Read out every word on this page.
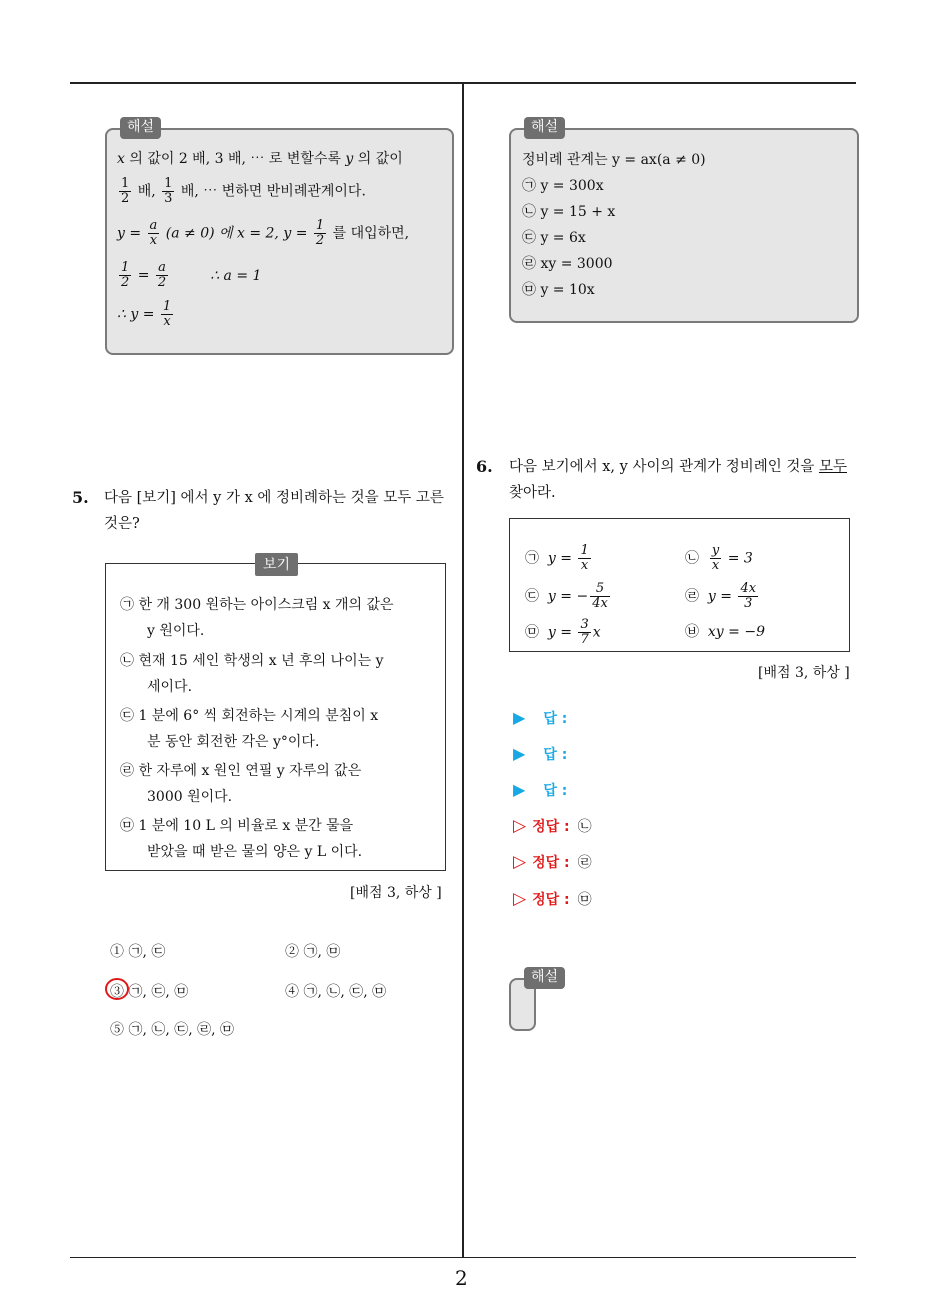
2
해설
x 의 값이 2 배, 3 배, ⋯ 로 변할수록 y 의 값이
$\frac{1}{2}$ 배, $\frac{1}{3}$ 배, ⋯ 변하면 반비례관계이다.
$y = \frac{a}{x} (a \ne 0)$ 에 x = 2, $y = \frac{1}{2}$ 를 대입하면,
$\frac{1}{2} = \frac{a}{2}$	∴ a = 1
∴ $y = \frac{1}{x}$
해설
정비례 관계는 y = ax(a ≠ 0)
㉠ y = 300x
㉡ y = 15 + x
㉢ y = 6x
㉣ xy = 3000
㉤ y = 10x
5. 다음 [보기] 에서 y 가 x 에 정비례하는 것을 모두 고른
것은?
보기
㉠ 한 개 300 원하는 아이스크림 x 개의 값은
y 원이다.
㉡ 현재 15 세인 학생의 x 년 후의 나이는 y
세이다.
㉢ 1 분에 6° 씩 회전하는 시계의 분침이 x
분 동안 회전한 각은 y°이다.
㉣ 한 자루에 x 원인 연필 y 자루의 값은
3000 원이다.
㉤ 1 분에 10 L 의 비율로 x 분간 물을
받았을 때 받은 물의 양은 y L 이다.
[배점 3, 하상 ]
① ㉠, ㉢	② ㉠, ㉤
③ ㉠, ㉢, ㉤	④ ㉠, ㉡, ㉢, ㉤
⑤ ㉠, ㉡, ㉢, ㉣, ㉤
6. 다음 보기에서 x, y 사이의 관계가 정비례인 것을 모두
찾아라.
㉠ $y = \frac{1}{x}$	㉡ $\frac{y}{x} = 3$
㉢ y = − $\frac{5}{4x}$	㉣ $y = \frac{4x}{3}$
㉤ $y = \frac{3}{7}$ x	㉥ xy = −9
[배점 3, 하상 ]
▶ 답 :
▶ 답 :
▶ 답 :
▷ 정답 : ㉡
▷ 정답 : ㉣
▷ 정답 : ㉤
해설
